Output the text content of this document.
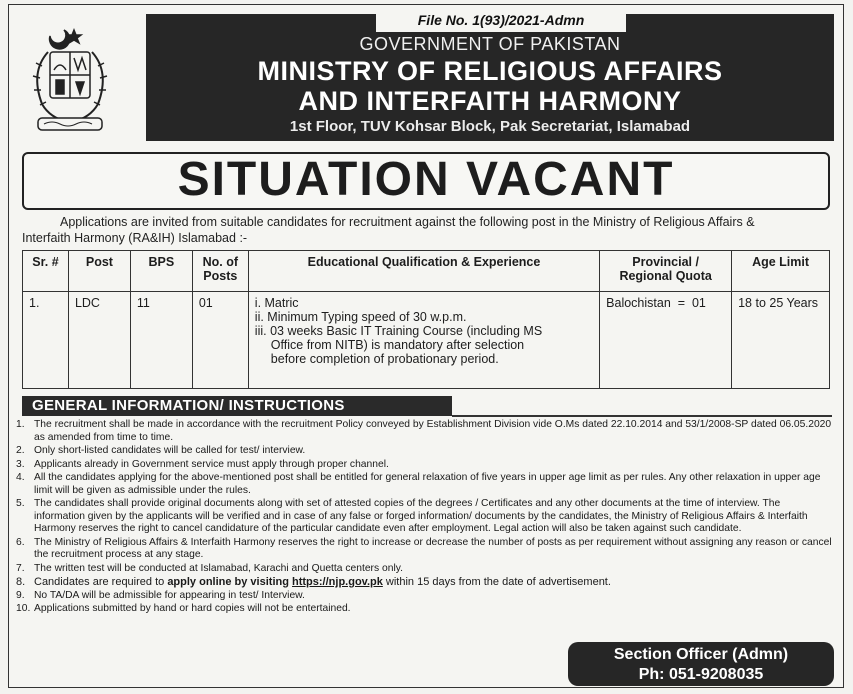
File No. 1(93)/2021-Admn
GOVERNMENT OF PAKISTAN
MINISTRY OF RELIGIOUS AFFAIRS
AND INTERFAITH HARMONY
1st Floor, TUV Kohsar Block, Pak Secretariat, Islamabad
SITUATION VACANT
Applications are invited from suitable candidates for recruitment against the following post in the Ministry of Religious Affairs &
Interfaith Harmony (RA&IH) Islamabad :-
Sr. #	Post	BPS	No. of Posts	Educational Qualification & Experience	Provincial / Regional Quota	Age Limit
1.	LDC	11	01	i. Matric
ii. Minimum Typing speed of 30 w.p.m.
iii. 03 weeks Basic IT Training Course (including MS
Office from NITB) is mandatory after selection
before completion of probationary period.	Balochistan  =  01	18 to 25 Years
GENERAL INFORMATION/ INSTRUCTIONS
1. The recruitment shall be made in accordance with the recruitment Policy conveyed by Establishment Division vide O.Ms dated 22.10.2014 and 53/1/2008-SP dated 06.05.2020 as amended from time to time.
2. Only short-listed candidates will be called for test/ interview.
3. Applicants already in Government service must apply through proper channel.
4. All the candidates applying for the above-mentioned post shall be entitled for general relaxation of five years in upper age limit as per rules. Any other relaxation in upper age limit will be given as admissible under the rules.
5. The candidates shall provide original documents along with set of attested copies of the degrees / Certificates and any other documents at the time of interview. The information given by the applicants will be verified and in case of any false or forged information/ documents by the candidates, the Ministry of Religious Affairs & Interfaith Harmony reserves the right to cancel candidature of the particular candidate even after employment. Legal action will also be taken against such candidate.
6. The Ministry of Religious Affairs & Interfaith Harmony reserves the right to increase or decrease the number of posts as per requirement without assigning any reason or cancel the recruitment process at any stage.
7. The written test will be conducted at Islamabad, Karachi and Quetta centers only.
8. Candidates are required to apply online by visiting https://njp.gov.pk within 15 days from the date of advertisement.
9. No TA/DA will be admissible for appearing in test/ Interview.
10. Applications submitted by hand or hard copies will not be entertained.
Section Officer (Admn)
Ph: 051-9208035
